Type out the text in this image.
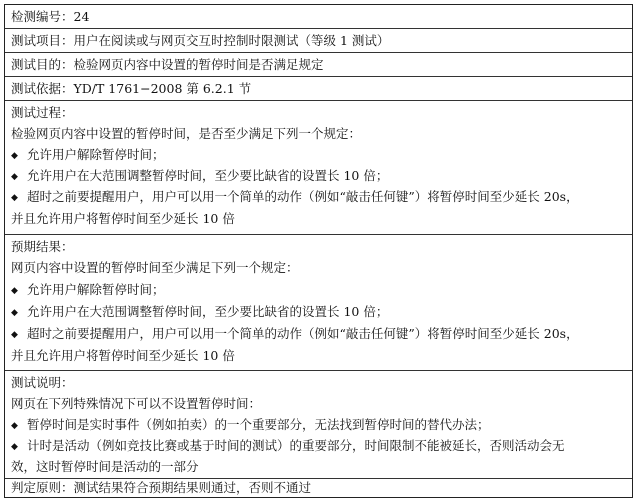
检测编号：24
测试项目：用户在阅读或与网页交互时控制时限测试（等级 1 测试）
测试目的：检验网页内容中设置的暂停时间是否满足规定
测试依据：YD/T 1761−2008 第 6.2.1 节
测试过程：
检验网页内容中设置的暂停时间，是否至少满足下列一个规定：
◆ 允许用户解除暂停时间；
◆ 允许用户在大范围调整暂停时间，至少要比缺省的设置长 10 倍；
◆ 超时之前要提醒用户，用户可以用一个简单的动作（例如“敲击任何键”）将暂停时间至少延长 20s，
并且允许用户将暂停时间至少延长 10 倍
预期结果：
网页内容中设置的暂停时间至少满足下列一个规定：
◆ 允许用户解除暂停时间；
◆ 允许用户在大范围调整暂停时间，至少要比缺省的设置长 10 倍；
◆ 超时之前要提醒用户，用户可以用一个简单的动作（例如“敲击任何键”）将暂停时间至少延长 20s，
并且允许用户将暂停时间至少延长 10 倍
测试说明：
网页在下列特殊情况下可以不设置暂停时间：
◆ 暂停时间是实时事件（例如拍卖）的一个重要部分，无法找到暂停时间的替代办法；
◆ 计时是活动（例如竞技比赛或基于时间的测试）的重要部分，时间限制不能被延长，否则活动会无
效，这时暂停时间是活动的一部分
判定原则：测试结果符合预期结果则通过，否则不通过
